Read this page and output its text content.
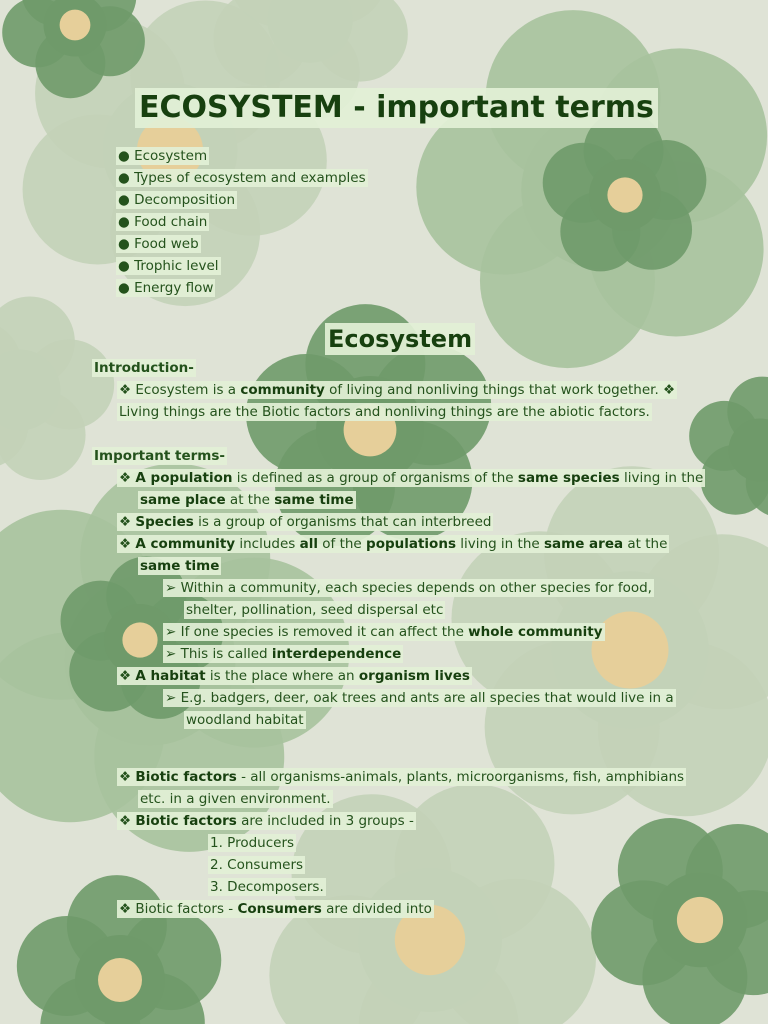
ECOSYSTEM - important terms
● Ecosystem
● Types of ecosystem and examples
● Decomposition
● Food chain
● Food web
● Trophic level
● Energy flow
Ecosystem
Introduction-
❖ Ecosystem is a community of living and nonliving things that work together. ❖
Living things are the Biotic factors and nonliving things are the abiotic factors.
Important terms-
❖ A population is defined as a group of organisms of the same species living in the
same place at the same time
❖ Species is a group of organisms that can interbreed
❖ A community includes all of the populations living in the same area at the
same time
➢ Within a community, each species depends on other species for food,
shelter, pollination, seed dispersal etc
➢ If one species is removed it can affect the whole community
➢ This is called interdependence
❖ A habitat is the place where an organism lives
➢ E.g. badgers, deer, oak trees and ants are all species that would live in a
woodland habitat
❖ Biotic factors - all organisms-animals, plants, microorganisms, fish, amphibians
etc. in a given environment.
❖ Biotic factors are included in 3 groups -
1. Producers
2. Consumers
3. Decomposers.
❖ Biotic factors - Consumers are divided into
